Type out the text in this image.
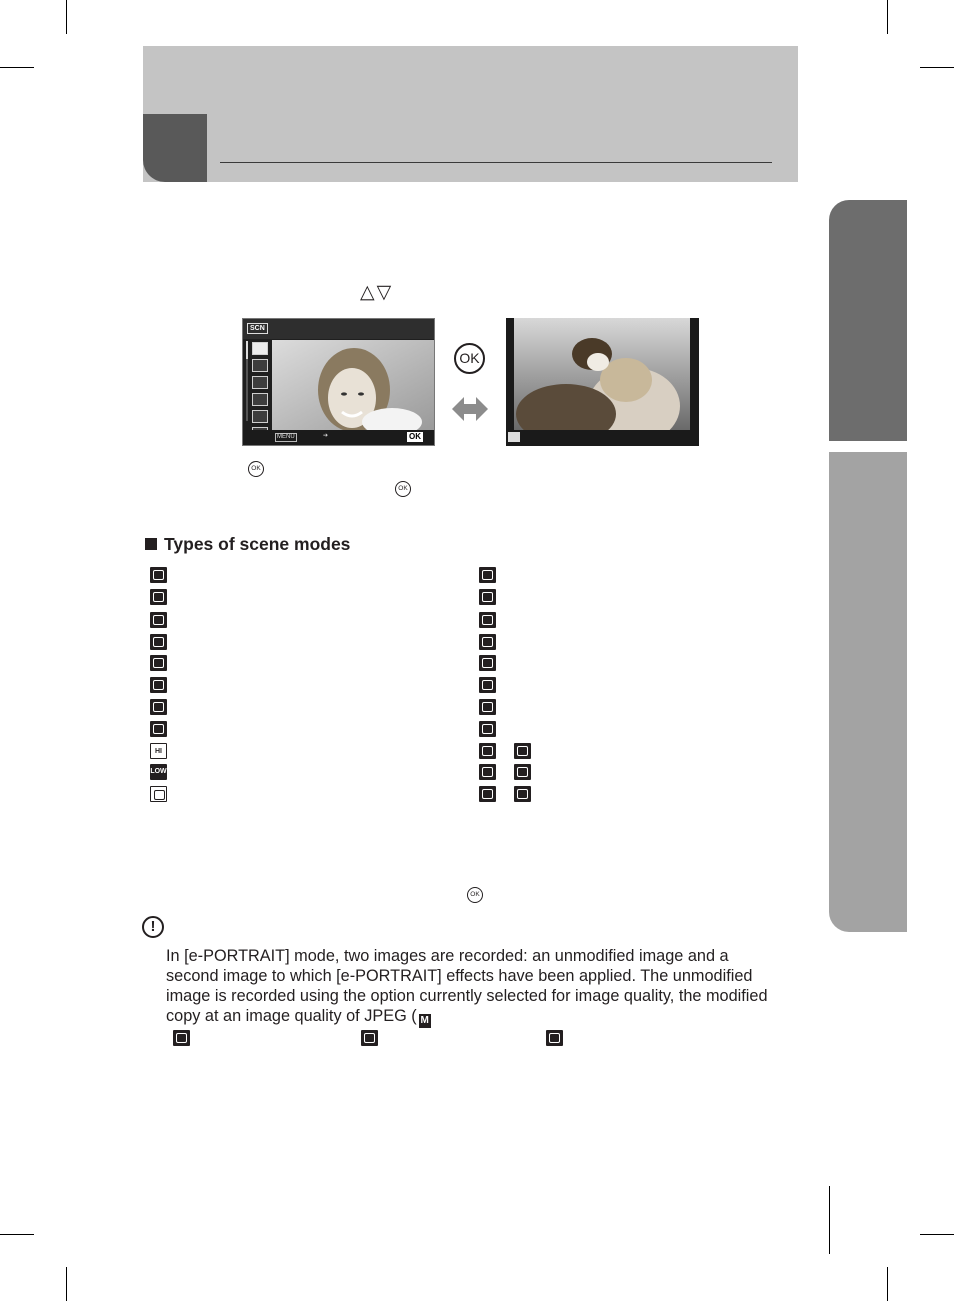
△▽
SCN
MENU	➔	OK
OK
OK
OK
OK
Types of scene modes
HI
LOW
!
In [e-PORTRAIT] mode, two images are recorded: an unmodified image and a
second image to which [e-PORTRAIT] effects have been applied. The unmodified
image is recorded using the option currently selected for image quality, the modified
copy at an image quality of JPEG ( M
